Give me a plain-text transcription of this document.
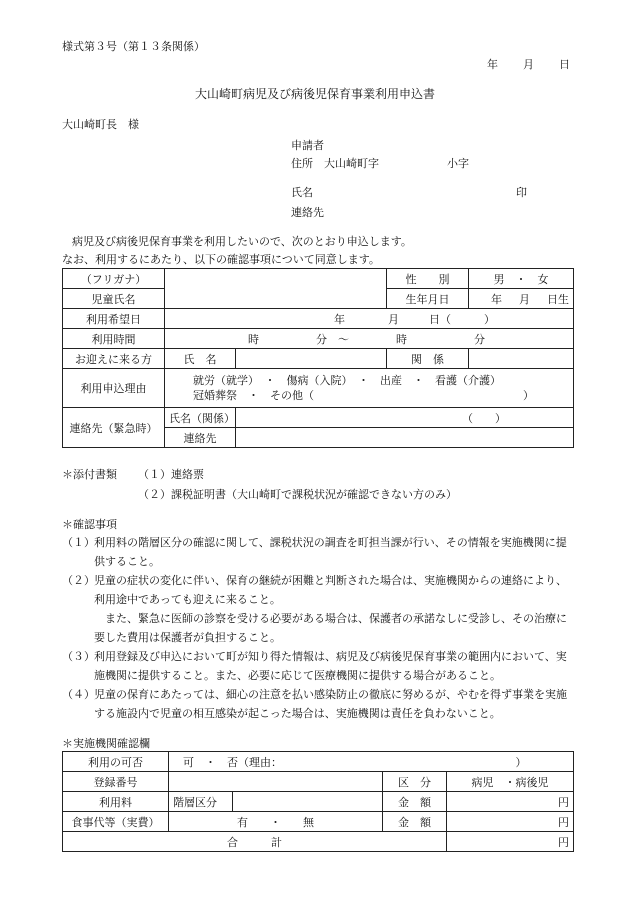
様式第３号（第１３条関係）
年 月 日
大山崎町病児及び病後児保育事業利用申込書
大山崎町長　様
申請者
住所　大山崎町字	小字
氏名	印
連絡先
病児及び病後児保育事業を利用したいので、次のとおり申込します。
なお、利用するにあたり、以下の確認事項について同意します。
（フリガナ）			性　　別	男　・　女
児童氏名			生年月日	年 月 日生

利用希望日	年 月 日（　　　）			
利用時間	時 分　〜 時 分			
お迎えに来る方	氏　名		関　係	
利用申込理由	就労（就学）　・　傷病（入院）　・　出産　・　看護（介護）
冠婚葬祭　・　その他（ ）			

連絡先（緊急時）	氏名（関係）	（　　）		
	連絡先			
＊添付書類 （１）連絡票
（２）課税証明書（大山崎町で課税状況が確認できない方のみ）
＊確認事項
（１） 利用料の階層区分の確認に関して、課税状況の調査を町担当課が行い、その情報を実施機関に提供すること。
（２） 児童の症状の変化に伴い、保育の継続が困難と判断された場合は、実施機関からの連絡により、利用途中であっても迎えに来ること。
また、緊急に医師の診察を受ける必要がある場合は、保護者の承諾なしに受診し、その治療に要した費用は保護者が負担すること。
（３） 利用登録及び申込において町が知り得た情報は、病児及び病後児保育事業の範囲内において、実施機関に提供すること。また、必要に応じて医療機関に提供する場合があること。
（４） 児童の保育にあたっては、細心の注意を払い感染防止の徹底に努めるが、やむを得ず事業を実施する施設内で児童の相互感染が起こった場合は、実施機関は責任を負わないこと。
＊実施機関確認欄
利用の可否	可　・　否（理由： ）			
登録番号			区　分	病児　・病後児
利用料	階層区分		金　額	円
食事代等（実費）	有　　・　　無		金　額	円
合　　　計				円
